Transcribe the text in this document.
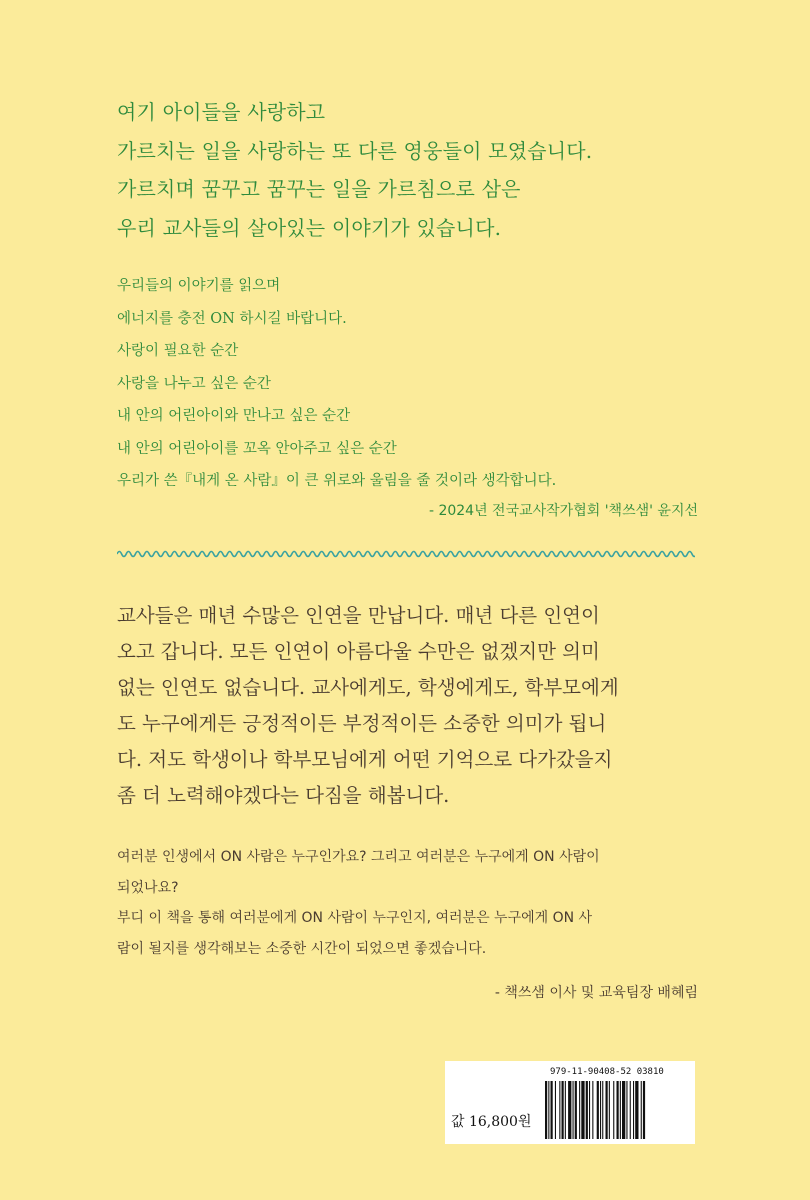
여기 아이들을 사랑하고

가르치는 일을 사랑하는 또 다른 영웅들이 모였습니다.

가르치며 꿈꾸고 꿈꾸는 일을 가르침으로 삼은

우리 교사들의 살아있는 이야기가 있습니다.

우리들의 이야기를 읽으며

에너지를 충전 ON 하시길 바랍니다.

사랑이 필요한 순간

사랑을 나누고 싶은 순간

내 안의 어린아이와 만나고 싶은 순간

내 안의 어린아이를 꼬옥 안아주고 싶은 순간

우리가 쓴『내게 온 사람』이 큰 위로와 울림을 줄 것이라 생각합니다.

- 2024년 전국교사작가협회 '책쓰샘' 윤지선

교사들은 매년 수많은 인연을 만납니다. 매년 다른 인연이

오고 갑니다. 모든 인연이 아름다울 수만은 없겠지만 의미

없는 인연도 없습니다. 교사에게도, 학생에게도, 학부모에게

도 누구에게든 긍정적이든 부정적이든 소중한 의미가 됩니

다. 저도 학생이나 학부모님에게 어떤 기억으로 다가갔을지

좀 더 노력해야겠다는 다짐을 해봅니다.

여러분 인생에서 ON 사람은 누구인가요? 그리고 여러분은 누구에게 ON 사람이

되었나요?

부디 이 책을 통해 여러분에게 ON 사람이 누구인지, 여러분은 누구에게 ON 사

람이 될지를 생각해보는 소중한 시간이 되었으면 좋겠습니다.

- 책쓰샘 이사 및 교육팀장 배혜림
979-11-90408-52 03810
값 16,800원
